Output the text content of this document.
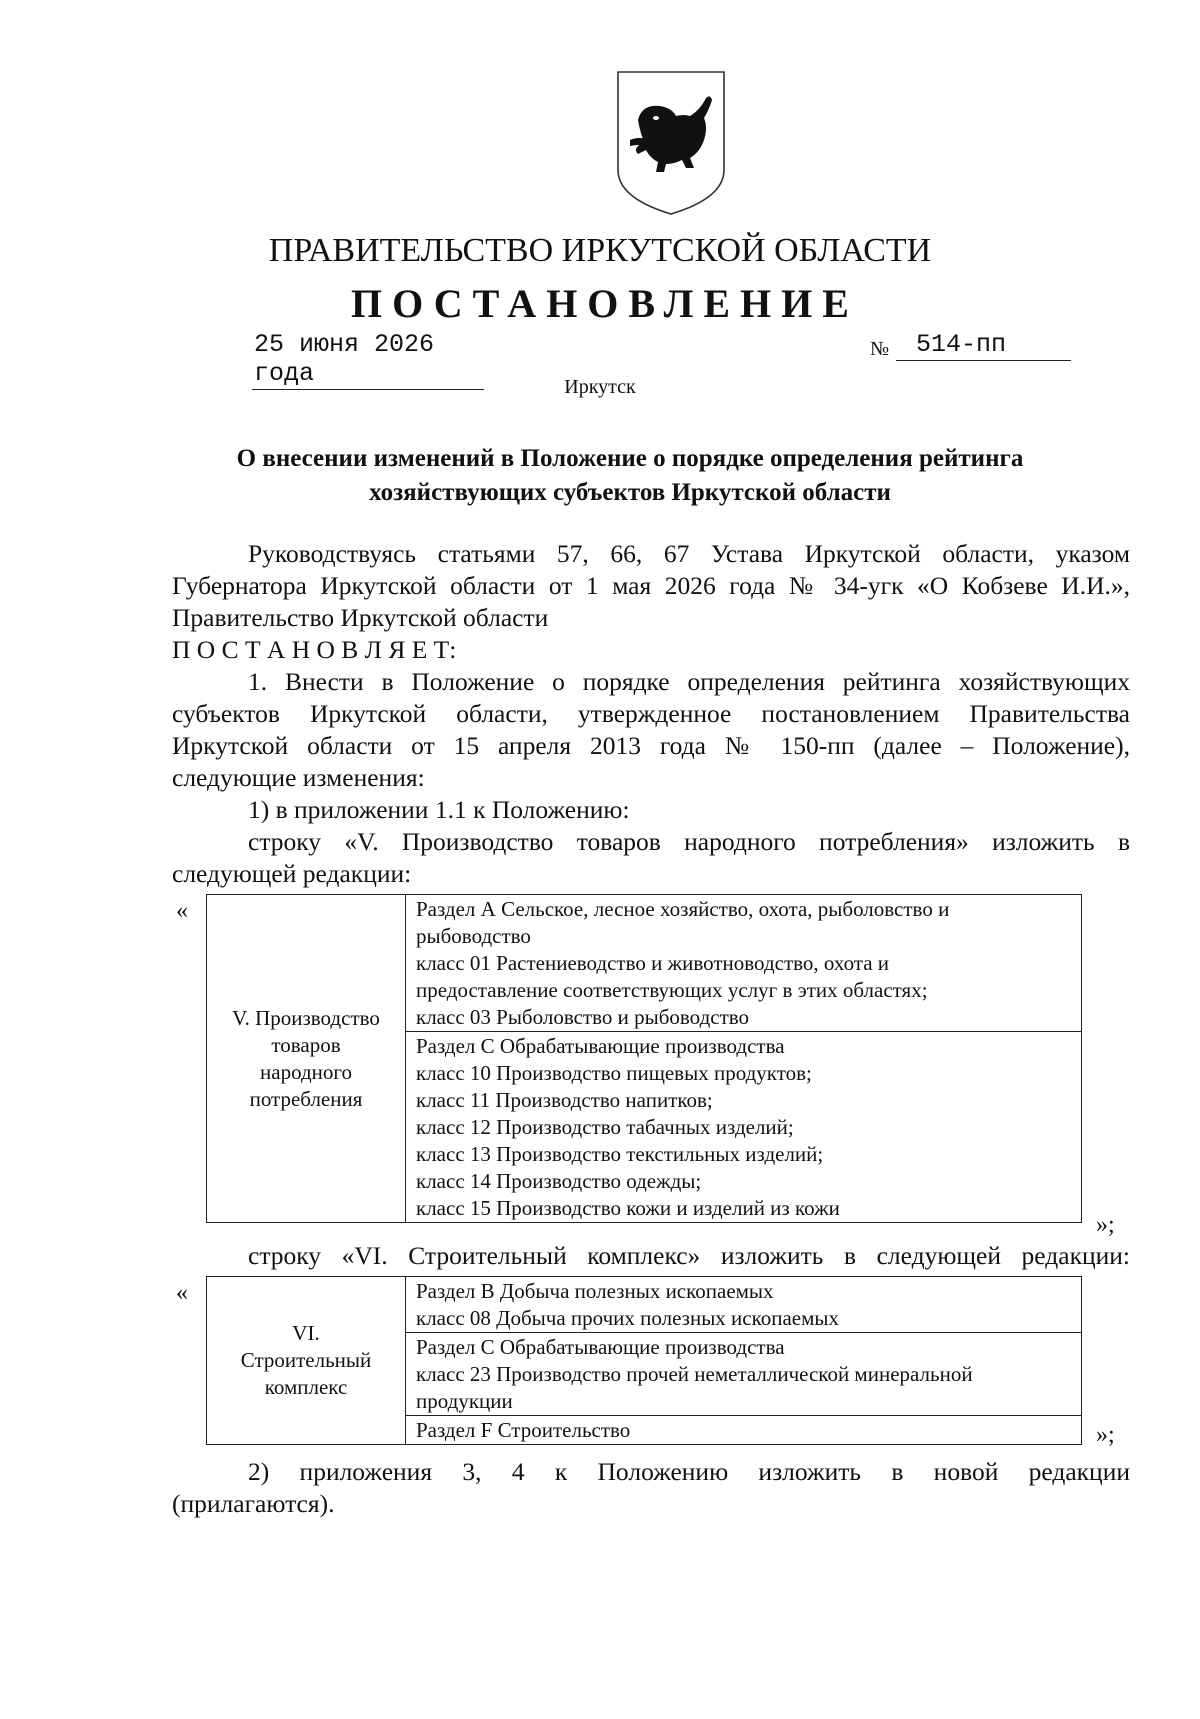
ПРАВИТЕЛЬСТВО ИРКУТСКОЙ ОБЛАСТИ
ПОСТАНОВЛЕНИЕ
25 июня 2026 года
№	514-пп
Иркутск
О внесении изменений в Положение о порядке определения рейтинга
хозяйствующих субъектов Иркутской области
Руководствуясь статьями 57, 66, 67 Устава Иркутской области, указом
Губернатора Иркутской области от 1 мая 2026 года № 34-угк «О Кобзеве И.И.»,
Правительство Иркутской области
П О С Т А Н О В Л Я Е Т:
1. Внести в Положение о порядке определения рейтинга хозяйствующих
субъектов Иркутской области, утвержденное постановлением Правительства
Иркутской области от 15 апреля 2013 года № 150-пп (далее – Положение),
следующие изменения:
1) в приложении 1.1 к Положению:
строку «V. Производство товаров народного потребления» изложить в
следующей редакции:
«
V. Производство
товаров
народного
потребления

Раздел А Сельское, лесное хозяйство, охота, рыболовство и
рыбоводство
класс 01 Растениеводство и животноводство, охота и
предоставление соответствующих услуг в этих областях;
класс 03 Рыболовство и рыбоводство

Раздел С Обрабатывающие производства
класс 10 Производство пищевых продуктов;
класс 11 Производство напитков;
класс 12 Производство табачных изделий;
класс 13 Производство текстильных изделий;
класс 14 Производство одежды;
класс 15 Производство кожи и изделий из кожи
»;
строку «VI. Строительный комплекс» изложить в следующей редакции:
«
VI.
Строительный
комплекс

Раздел В Добыча полезных ископаемых
класс 08 Добыча прочих полезных ископаемых

Раздел С Обрабатывающие производства
класс 23 Производство прочей неметаллической минеральной
продукции

Раздел F Строительство	»;
2) приложения 3, 4 к Положению изложить в новой редакции
(прилагаются).
